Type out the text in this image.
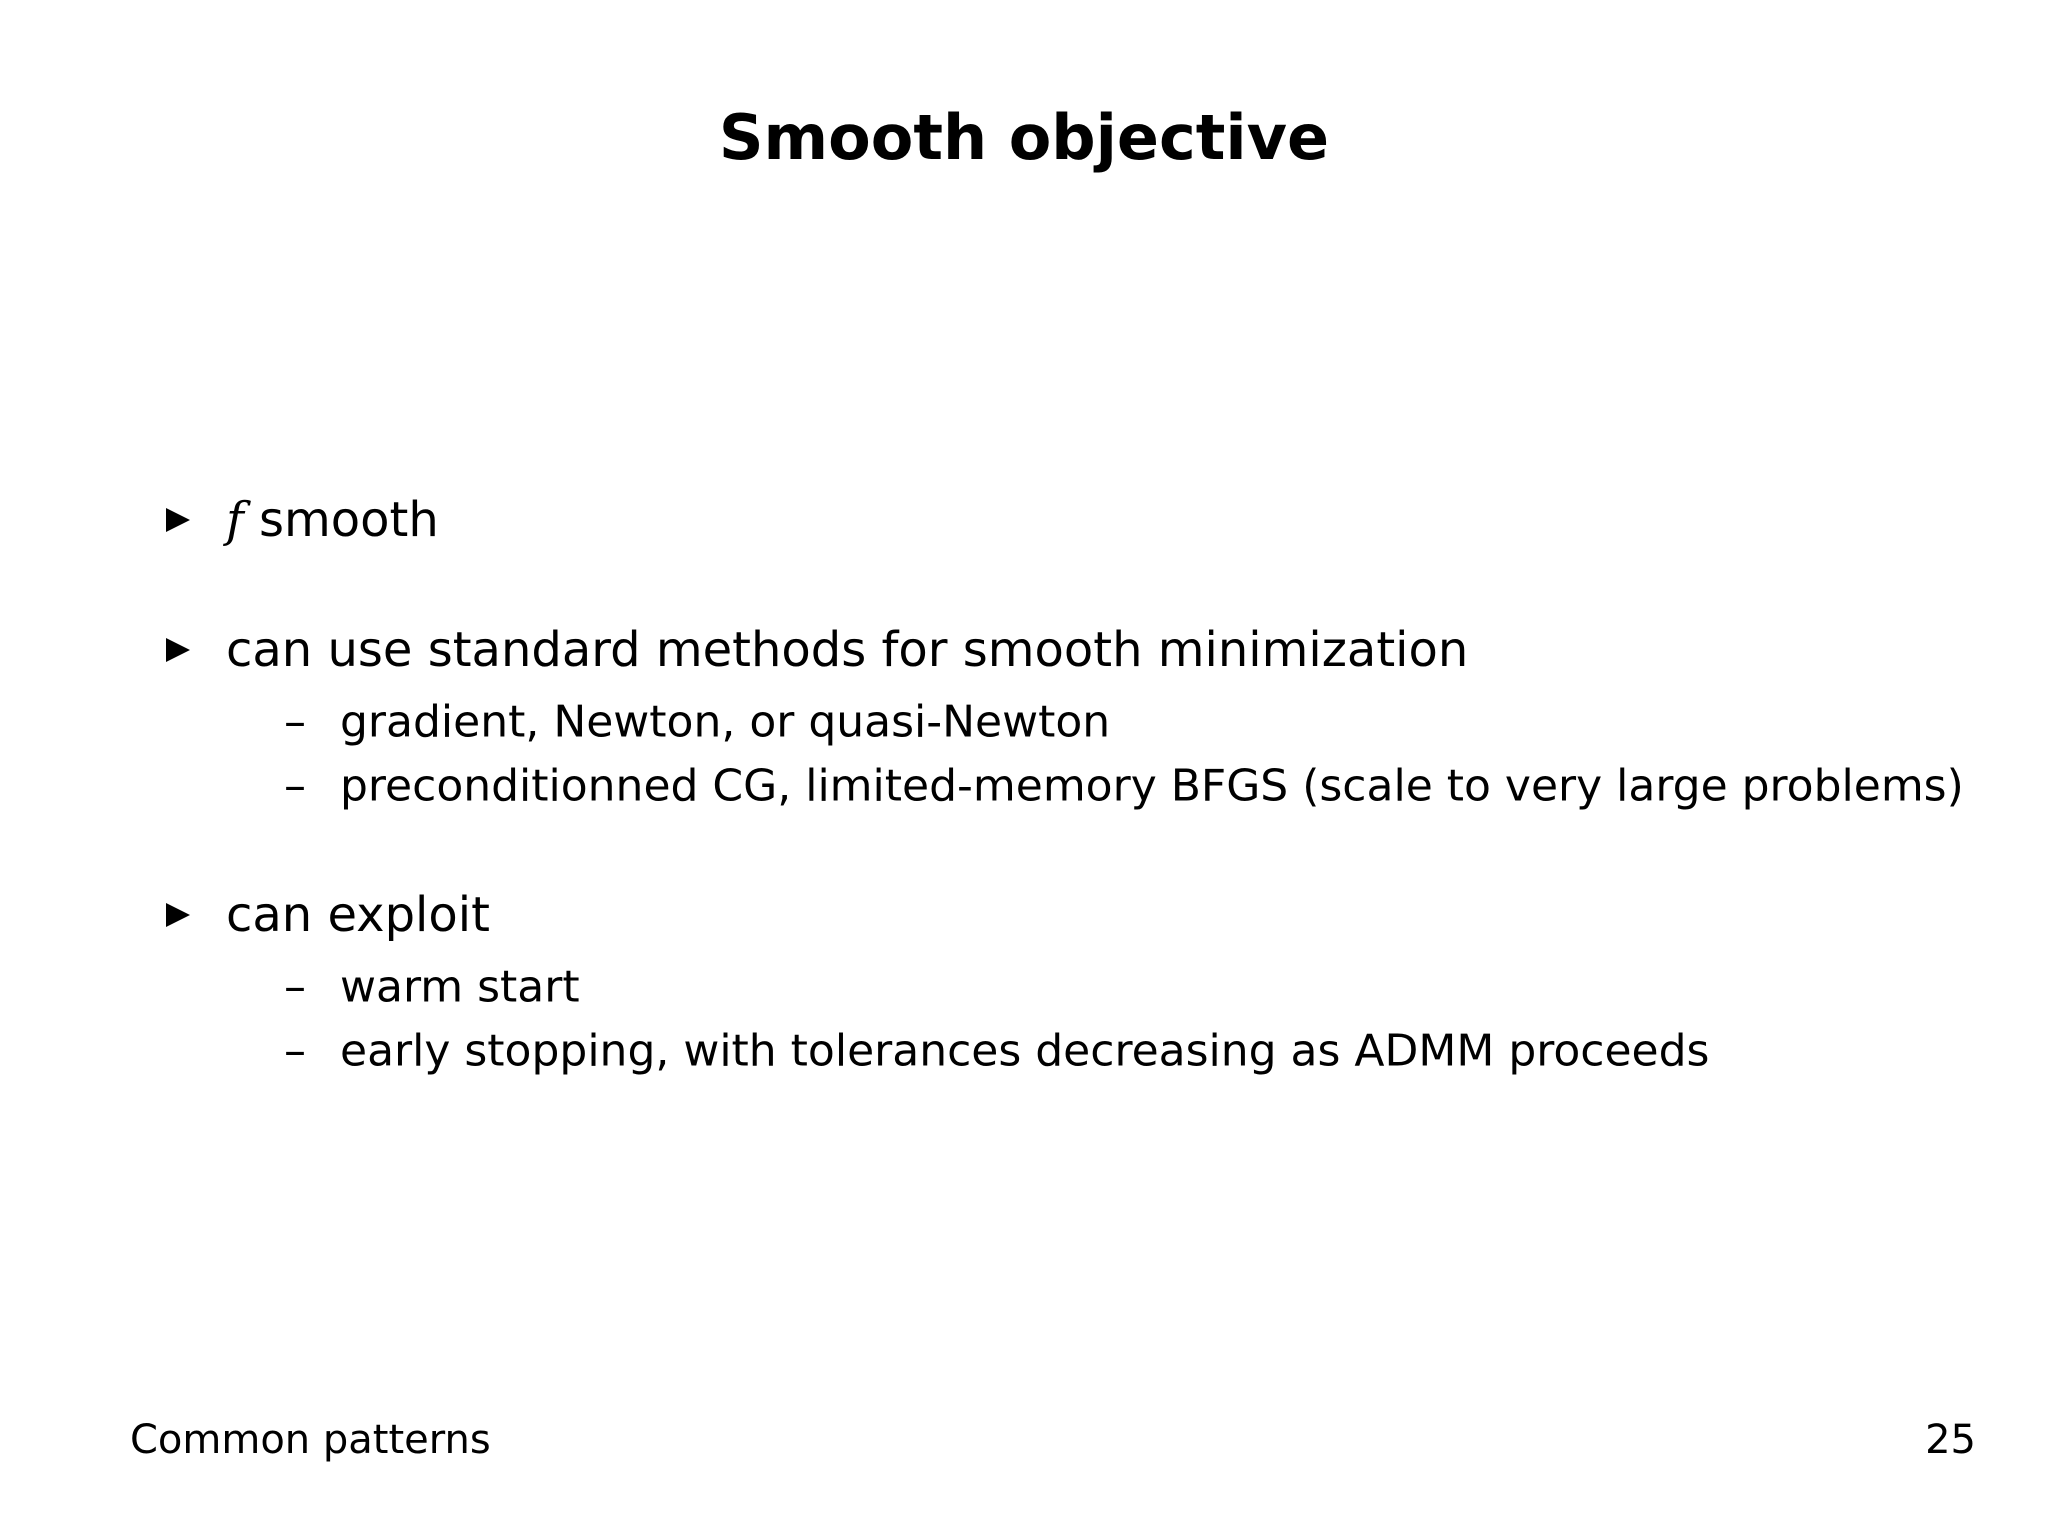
Smooth objective
f smooth
can use standard methods for smooth minimization
– gradient, Newton, or quasi-Newton
– preconditionned CG, limited-memory BFGS (scale to very large problems)
can exploit
– warm start
– early stopping, with tolerances decreasing as ADMM proceeds
Common patterns	25
